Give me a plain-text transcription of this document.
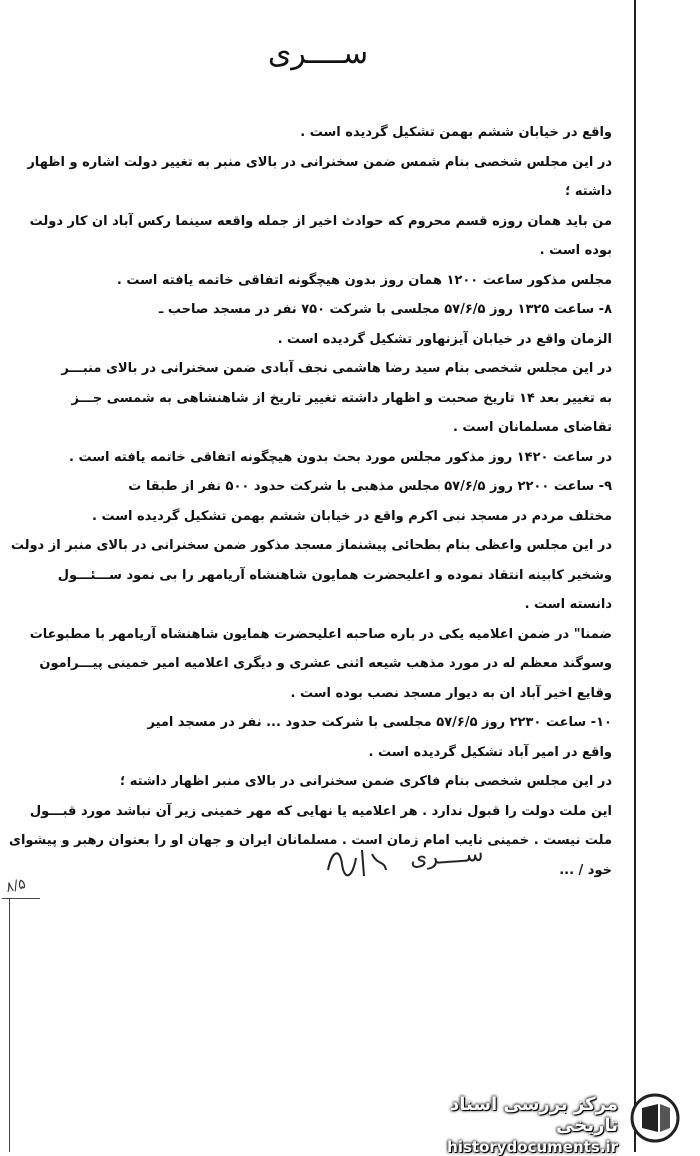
ســــری
واقع در خیابان ششم بهمن تشکیل گردیده است .
در این مجلس شخصی بنام شمس ضمن سخنرانی در بالای منبر به تغییر دولت اشاره و اظهار
داشته ؛
من باید همان روزه قسم محروم که حوادث اخیر از جمله واقعه سینما رکس آباد ان کار دولت
بوده است .
مجلس مذکور ساعت ۱۲۰۰ همان روز بدون هیچگونه اتفاقی خاتمه یافته است .
۸- ساعت ۱۳۲۵ روز ۵۷/۶/۵ مجلسی با شرکت ۷۵۰ نفر در مسجد صاحب ـ
الزمان واقع در خیابان آیزنهاور تشکیل گردیده است .
در این مجلس شخصی بنام سید رضا هاشمی نجف آبادی ضمن سخنرانی در بالای منبـــر
به تغییر بعد ۱۴ تاریخ صحبت و اظهار داشته تغییر تاریخ از شاهنشاهی به شمسی جـــز
تقاضای مسلمانان است .
در ساعت ۱۴۲۰ روز مذکور مجلس مورد بحث بدون هیچگونه اتفاقی خاتمه یافته است .
۹- ساعت ۲۲۰۰ روز ۵۷/۶/۵ مجلس مذهبی با شرکت حدود ۵۰۰ نفر از طبقا ت
مختلف مردم در مسجد نبی اکرم واقع در خیابان ششم بهمن تشکیل گردیده است .
در این مجلس واعظی بنام بطحائی پیشنماز مسجد مذکور ضمن سخنرانی در بالای منبر از دولت
وشخیر کابینه انتقاد نموده و اعلیحضرت همایون شاهنشاه آریامهر را بی نمود ســـئـــول
دانسته است .
ضمنا" در ضمن اعلامیه یکی در باره صاحبه اعلیحضرت همایون شاهنشاه آریامهر با مطبوعات
وسوگند معظم له در مورد مذهب شیعه اثنی عشری و دیگری اعلامیه امیر خمینی پیـــرامون
وقایع اخیر آباد ان به دیوار مسجد نصب بوده است .
۱۰- ساعت ۲۲۳۰ روز ۵۷/۶/۵ مجلسی با شرکت حدود ... نفر در مسجد امیر
واقع در امیر آباد تشکیل گردیده است .
در این مجلس شخصی بنام فاکری ضمن سخنرانی در بالای منبر اظهار داشته ؛
این ملت دولت را قبول ندارد . هر اعلامیه یا نهایی که مهر خمینی زیر آن نباشد مورد قبـــول
ملت نیست . خمینی نایب امام زمان است . مسلمانان ایران و جهان او را بعنوان رهبر و پیشوای
خود / ...
ســــری
۸/۵
مرکز بررسی اسناد تاریخی
historydocuments.ir
